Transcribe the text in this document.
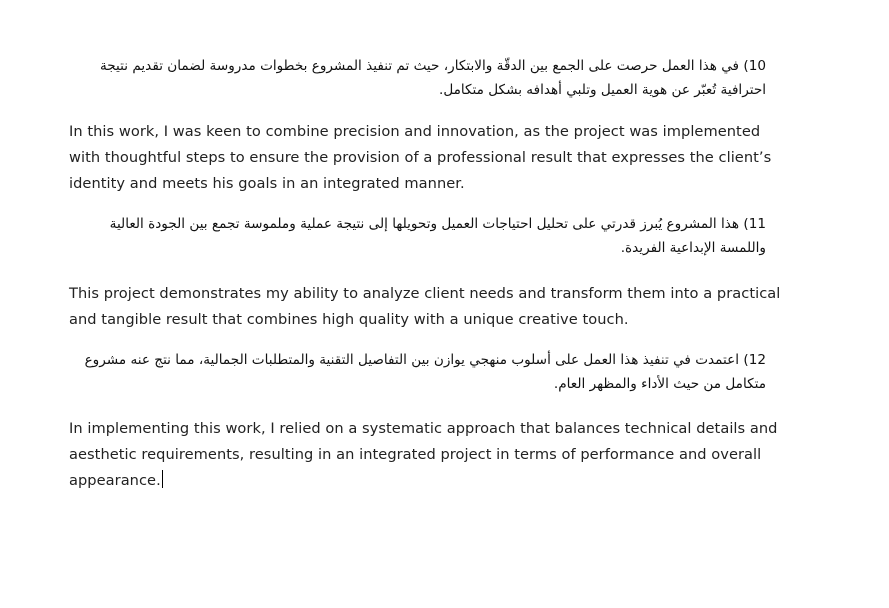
10) في هذا العمل حرصت على الجمع بين الدقّة والابتكار، حيث تم تنفيذ المشروع بخطوات مدروسة لضمان تقديم نتيجة احترافية تُعبّر عن هوية العميل وتلبي أهدافه بشكل متكامل.

In this work, I was keen to combine precision and innovation, as the project was implemented with thoughtful steps to ensure the provision of a professional result that expresses the client’s identity and meets his goals in an integrated manner.

11) هذا المشروع يُبرز قدرتي على تحليل احتياجات العميل وتحويلها إلى نتيجة عملية وملموسة تجمع بين الجودة العالية واللمسة الإبداعية الفريدة.

This project demonstrates my ability to analyze client needs and transform them into a practical and tangible result that combines high quality with a unique creative touch.

12) اعتمدت في تنفيذ هذا العمل على أسلوب منهجي يوازن بين التفاصيل التقنية والمتطلبات الجمالية، مما نتج عنه مشروع متكامل من حيث الأداء والمظهر العام.

In implementing this work, I relied on a systematic approach that balances technical details and aesthetic requirements, resulting in an integrated project in terms of performance and overall appearance.
